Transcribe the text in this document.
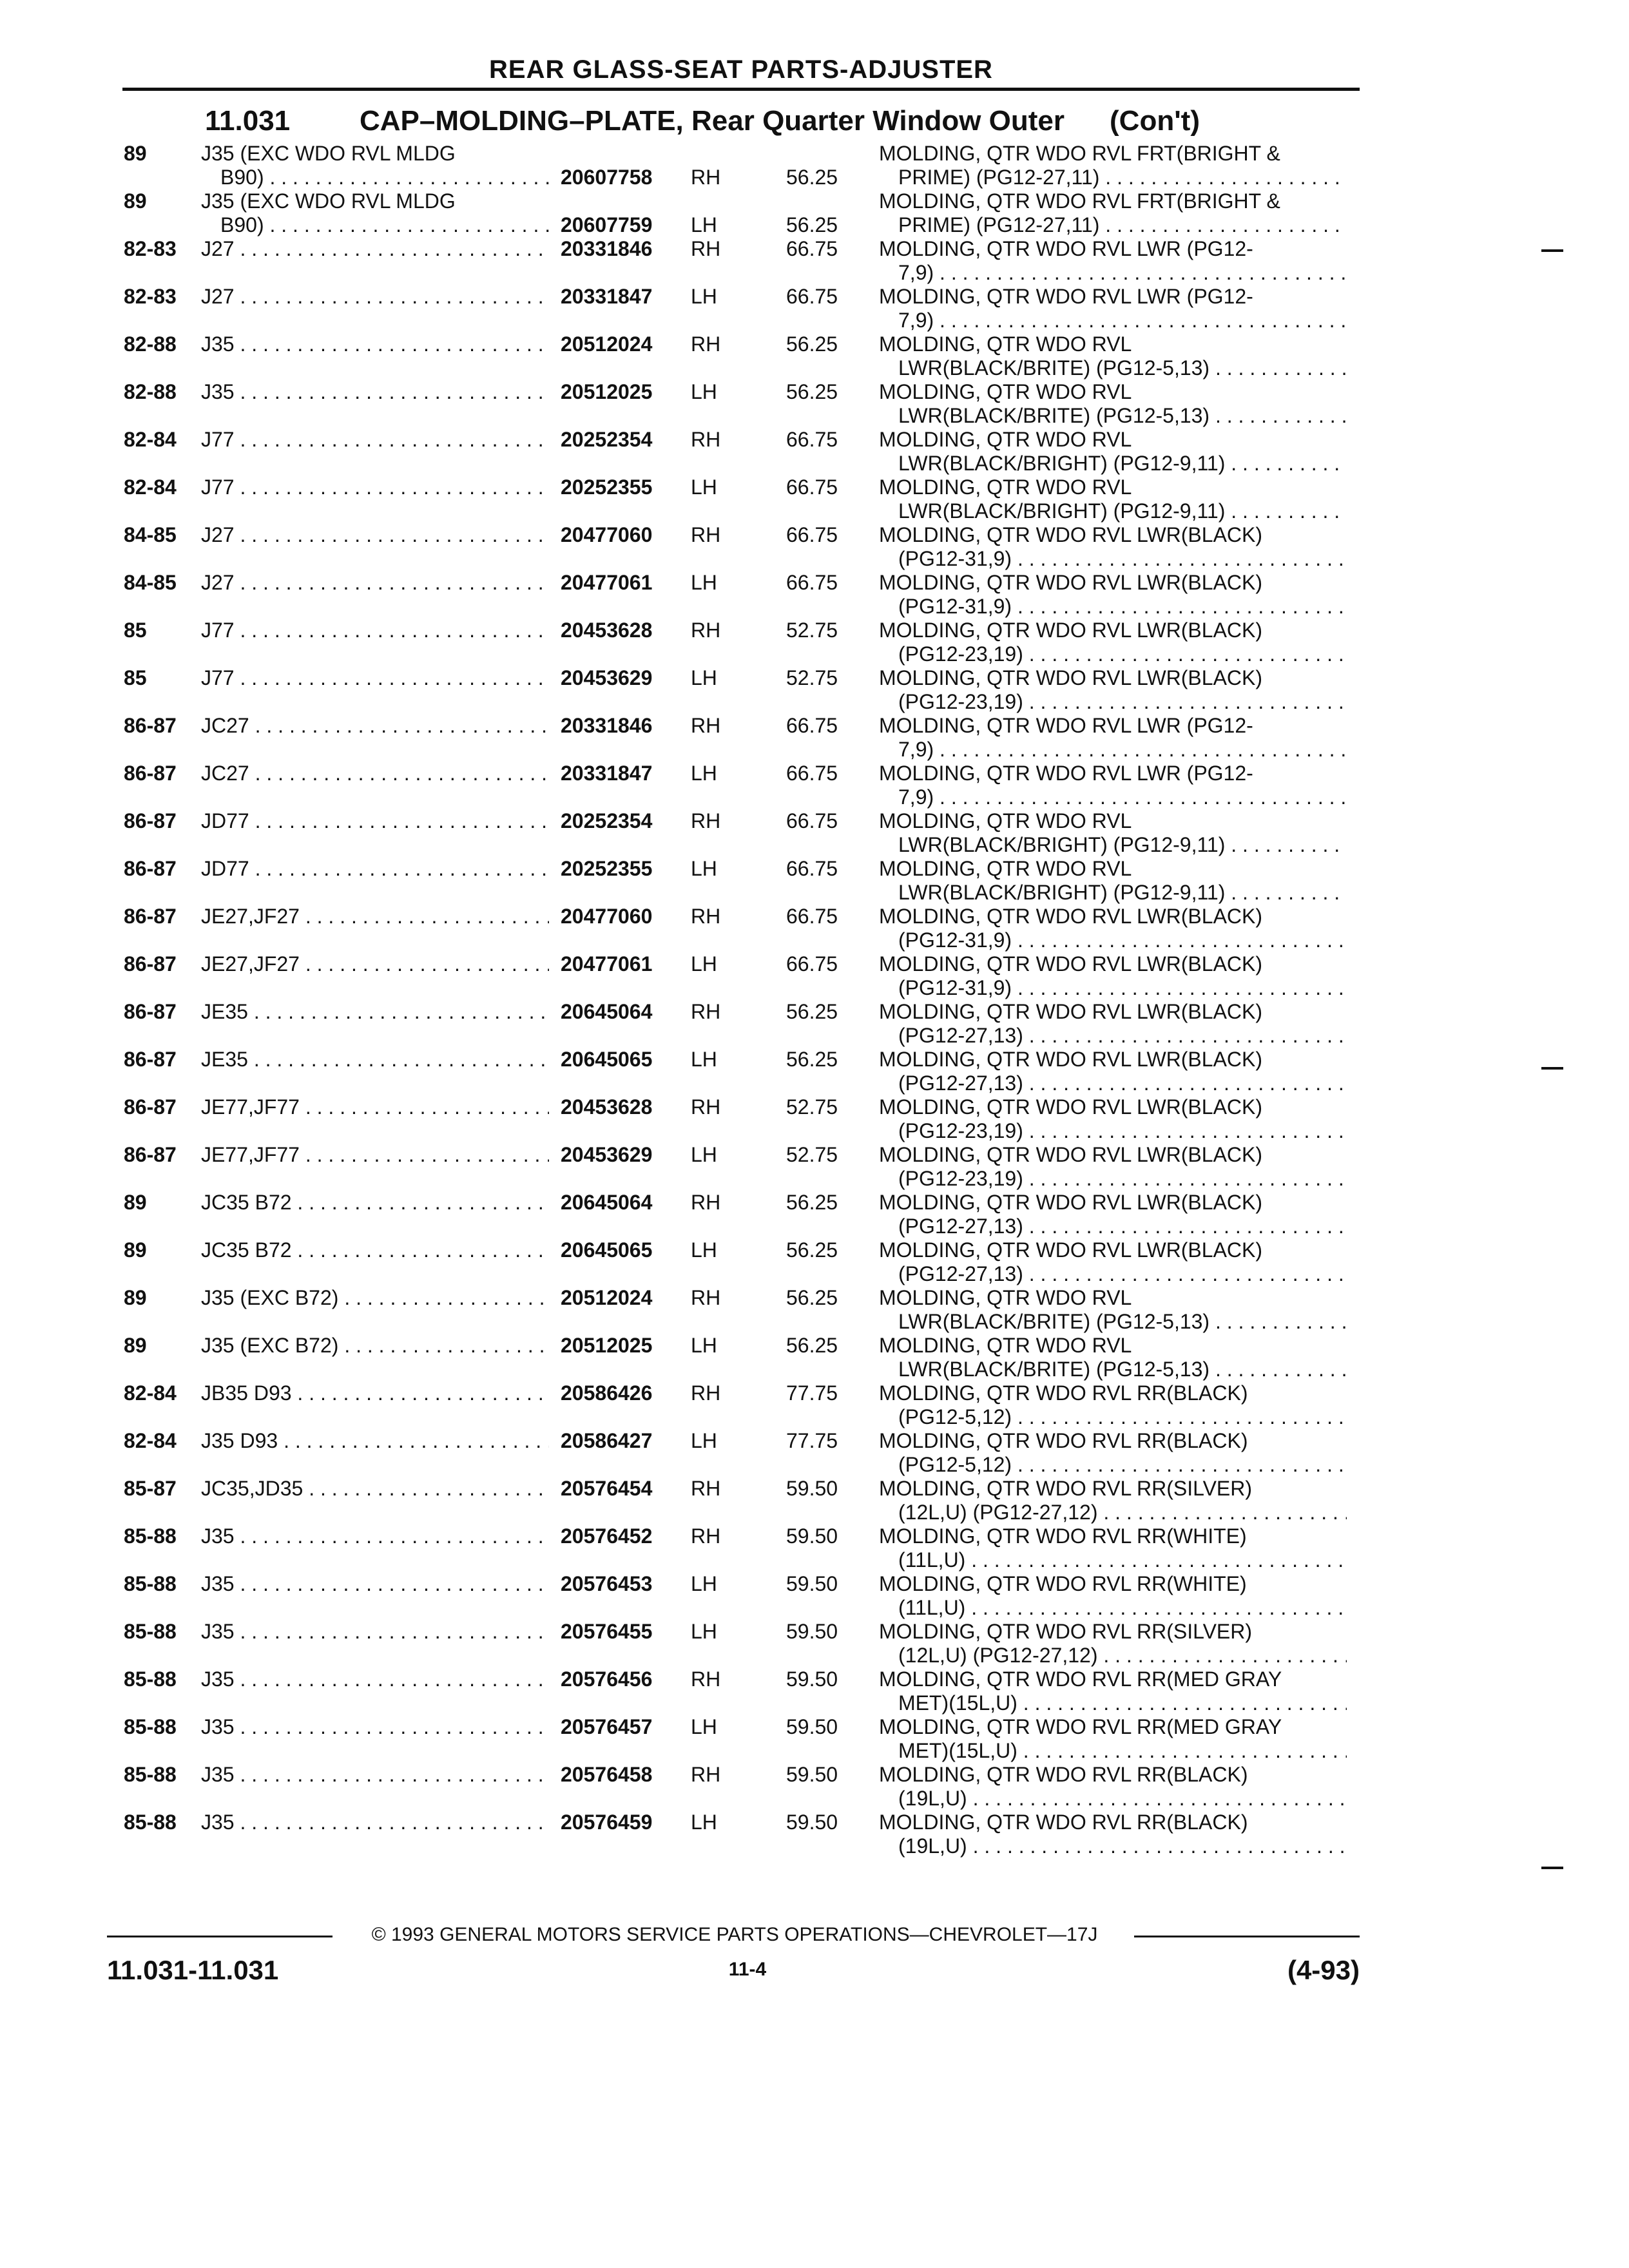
REAR GLASS-SEAT PARTS-ADJUSTER
11.031 CAP–MOLDING–PLATE, Rear Quarter Window Outer (Con't)
89	J35 (EXC WDO RVL MLDG
B90) . . .	20607758	RH	56.25
MOLDING, QTR WDO RVL FRT(BRIGHT &
PRIME) (PG12-27,11) . . .
89	J35 (EXC WDO RVL MLDG
B90) . . .	20607759	LH	56.25
MOLDING, QTR WDO RVL FRT(BRIGHT &
PRIME) (PG12-27,11) . . .
82-83	J27 . . .	20331846	RH	66.75	MOLDING, QTR WDO RVL LWR (PG12-
7,9) . . .
82-83	J27 . . .	20331847	LH	66.75	MOLDING, QTR WDO RVL LWR (PG12-
7,9) . . .
82-88	J35 . . .	20512024	RH	56.25	MOLDING, QTR WDO RVL
LWR(BLACK/BRITE) (PG12-5,13) . . .
82-88	J35 . . .	20512025	LH	56.25	MOLDING, QTR WDO RVL
LWR(BLACK/BRITE) (PG12-5,13) . . .
82-84	J77 . . .	20252354	RH	66.75	MOLDING, QTR WDO RVL
LWR(BLACK/BRIGHT) (PG12-9,11) . . .
82-84	J77 . . .	20252355	LH	66.75	MOLDING, QTR WDO RVL
LWR(BLACK/BRIGHT) (PG12-9,11) . . .
84-85	J27 . . .	20477060	RH	66.75	MOLDING, QTR WDO RVL LWR(BLACK)
(PG12-31,9) . . .
84-85	J27 . . .	20477061	LH	66.75	MOLDING, QTR WDO RVL LWR(BLACK)
(PG12-31,9) . . .
85	J77 . . .	20453628	RH	52.75	MOLDING, QTR WDO RVL LWR(BLACK)
(PG12-23,19) . . .
85	J77 . . .	20453629	LH	52.75	MOLDING, QTR WDO RVL LWR(BLACK)
(PG12-23,19) . . .
86-87	JC27 . . .	20331846	RH	66.75	MOLDING, QTR WDO RVL LWR (PG12-
7,9) . . .
86-87	JC27 . . .	20331847	LH	66.75	MOLDING, QTR WDO RVL LWR (PG12-
7,9) . . .
86-87	JD77 . . .	20252354	RH	66.75	MOLDING, QTR WDO RVL
LWR(BLACK/BRIGHT) (PG12-9,11) . . .
86-87	JD77 . . .	20252355	LH	66.75	MOLDING, QTR WDO RVL
LWR(BLACK/BRIGHT) (PG12-9,11) . . .
86-87	JE27,JF27 . . .	20477060	RH	66.75	MOLDING, QTR WDO RVL LWR(BLACK)
(PG12-31,9) . . .
86-87	JE27,JF27 . . .	20477061	LH	66.75	MOLDING, QTR WDO RVL LWR(BLACK)
(PG12-31,9) . . .
86-87	JE35 . . .	20645064	RH	56.25	MOLDING, QTR WDO RVL LWR(BLACK)
(PG12-27,13) . . .
86-87	JE35 . . .	20645065	LH	56.25	MOLDING, QTR WDO RVL LWR(BLACK)
(PG12-27,13) . . .
86-87	JE77,JF77 . . .	20453628	RH	52.75	MOLDING, QTR WDO RVL LWR(BLACK)
(PG12-23,19) . . .
86-87	JE77,JF77 . . .	20453629	LH	52.75	MOLDING, QTR WDO RVL LWR(BLACK)
(PG12-23,19) . . .
89	JC35 B72 . . .	20645064	RH	56.25	MOLDING, QTR WDO RVL LWR(BLACK)
(PG12-27,13) . . .
89	JC35 B72 . . .	20645065	LH	56.25	MOLDING, QTR WDO RVL LWR(BLACK)
(PG12-27,13) . . .
89	J35 (EXC B72) . . .	20512024	RH	56.25	MOLDING, QTR WDO RVL
LWR(BLACK/BRITE) (PG12-5,13) . . .
89	J35 (EXC B72) . . .	20512025	LH	56.25	MOLDING, QTR WDO RVL
LWR(BLACK/BRITE) (PG12-5,13) . . .
82-84	JB35 D93 . . .	20586426	RH	77.75	MOLDING, QTR WDO RVL RR(BLACK)
(PG12-5,12) . . .
82-84	J35 D93 . . .	20586427	LH	77.75	MOLDING, QTR WDO RVL RR(BLACK)
(PG12-5,12) . . .
85-87	JC35,JD35 . . .	20576454	RH	59.50	MOLDING, QTR WDO RVL RR(SILVER)
(12L,U) (PG12-27,12) . . .
85-88	J35 . . .	20576452	RH	59.50	MOLDING, QTR WDO RVL RR(WHITE)
(11L,U) . . .
85-88	J35 . . .	20576453	LH	59.50	MOLDING, QTR WDO RVL RR(WHITE)
(11L,U) . . .
85-88	J35 . . .	20576455	LH	59.50	MOLDING, QTR WDO RVL RR(SILVER)
(12L,U) (PG12-27,12) . . .
85-88	J35 . . .	20576456	RH	59.50	MOLDING, QTR WDO RVL RR(MED GRAY
MET)(15L,U) . . .
85-88	J35 . . .	20576457	LH	59.50	MOLDING, QTR WDO RVL RR(MED GRAY
MET)(15L,U) . . .
85-88	J35 . . .	20576458	RH	59.50	MOLDING, QTR WDO RVL RR(BLACK)
(19L,U) . . .
85-88	J35 . . .	20576459	LH	59.50	MOLDING, QTR WDO RVL RR(BLACK)
(19L,U) . . .
© 1993 GENERAL MOTORS SERVICE PARTS OPERATIONS—CHEVROLET—17J
11.031-11.031	11-4	(4-93)
